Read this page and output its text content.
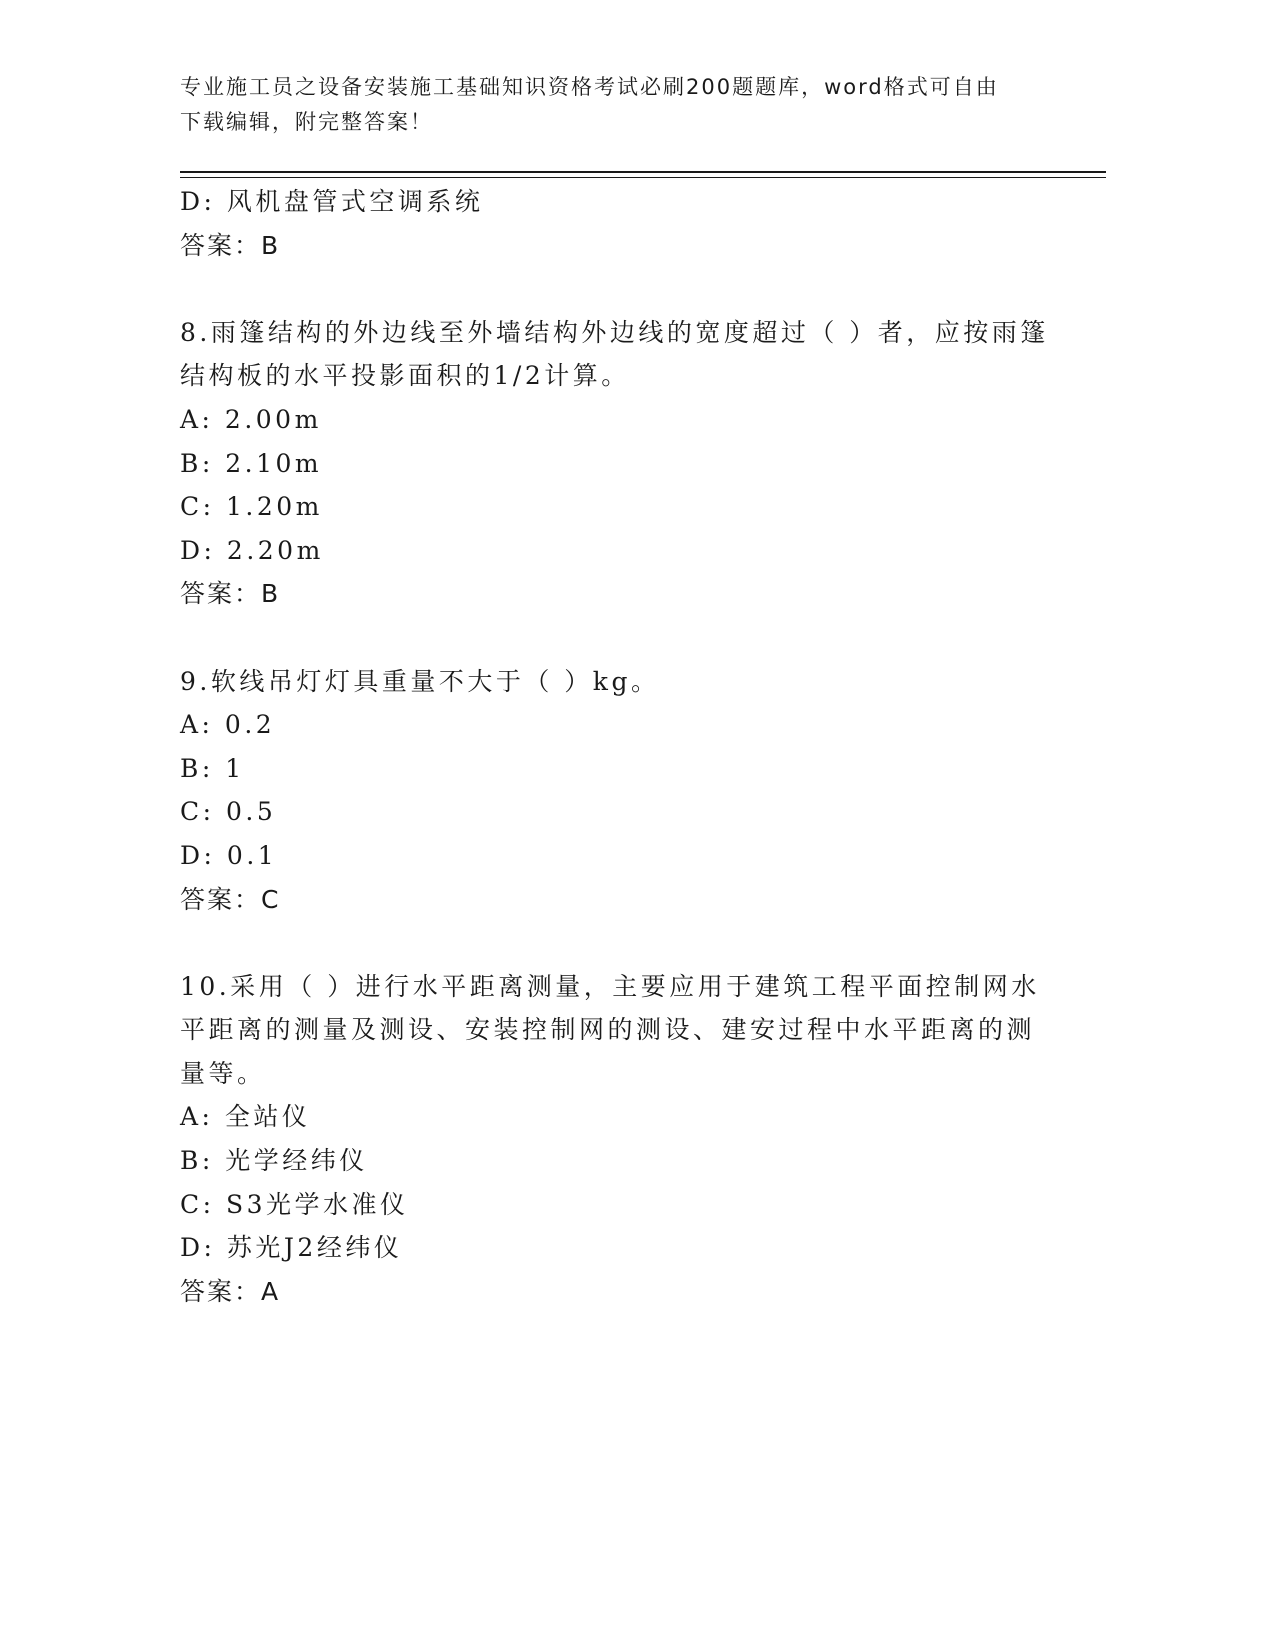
专业施工员之设备安装施工基础知识资格考试必刷200题题库，word格式可自由
下载编辑，附完整答案！
D: 风机盘管式空调系统
答案：B
8.雨篷结构的外边线至外墙结构外边线的宽度超过（ ）者，应按雨篷
结构板的水平投影面积的1/2计算。
A: 2.00m
B: 2.10m
C: 1.20m
D: 2.20m
答案：B
9.软线吊灯灯具重量不大于（ ）kg。
A: 0.2
B: 1
C: 0.5
D: 0.1
答案：C
10.采用（ ）进行水平距离测量，主要应用于建筑工程平面控制网水
平距离的测量及测设、安装控制网的测设、建安过程中水平距离的测
量等。
A: 全站仪
B: 光学经纬仪
C: S3光学水准仪
D: 苏光J2经纬仪
答案：A
